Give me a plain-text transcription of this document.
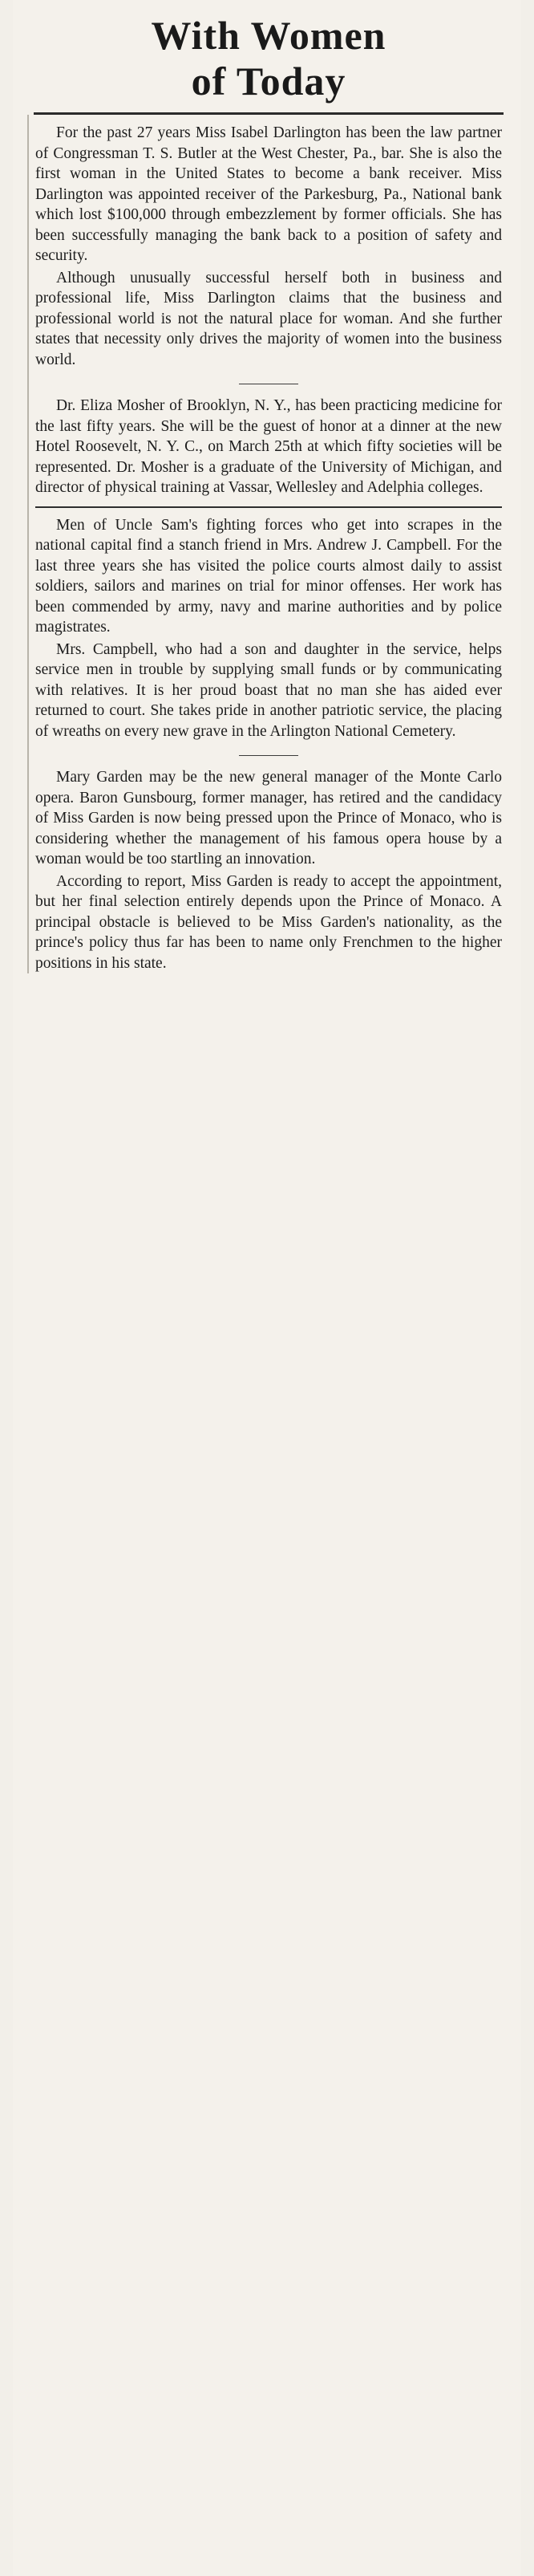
With Women
of Today

For the past 27 years Miss Isabel Darlington has been the law partner of Congressman T. S. Butler at the West Chester, Pa., bar. She is also the first woman in the United States to become a bank receiver. Miss Darlington was appointed receiver of the Parkesburg, Pa., National bank which lost $100,000 through embezzlement by former officials. She has been successfully managing the bank back to a position of safety and security.

Although unusually successful herself both in business and professional life, Miss Darlington claims that the business and professional world is not the natural place for woman. And she further states that necessity only drives the majority of women into the business world.

Dr. Eliza Mosher of Brooklyn, N. Y., has been practicing medicine for the last fifty years. She will be the guest of honor at a dinner at the new Hotel Roosevelt, N. Y. C., on March 25th at which fifty societies will be represented. Dr. Mosher is a graduate of the University of Michigan, and director of physical training at Vassar, Wellesley and Adelphia colleges.

Men of Uncle Sam's fighting forces who get into scrapes in the national capital find a stanch friend in Mrs. Andrew J. Campbell. For the last three years she has visited the police courts almost daily to assist soldiers, sailors and marines on trial for minor offenses. Her work has been commended by army, navy and marine authorities and by police magistrates.

Mrs. Campbell, who had a son and daughter in the service, helps service men in trouble by supplying small funds or by communicating with relatives. It is her proud boast that no man she has aided ever returned to court. She takes pride in another patriotic service, the placing of wreaths on every new grave in the Arlington National Cemetery.

Mary Garden may be the new general manager of the Monte Carlo opera. Baron Gunsbourg, former manager, has retired and the candidacy of Miss Garden is now being pressed upon the Prince of Monaco, who is considering whether the management of his famous opera house by a woman would be too startling an innovation.

According to report, Miss Garden is ready to accept the appointment, but her final selection entirely depends upon the Prince of Monaco. A principal obstacle is believed to be Miss Garden's nationality, as the prince's policy thus far has been to name only Frenchmen to the higher positions in his state.
